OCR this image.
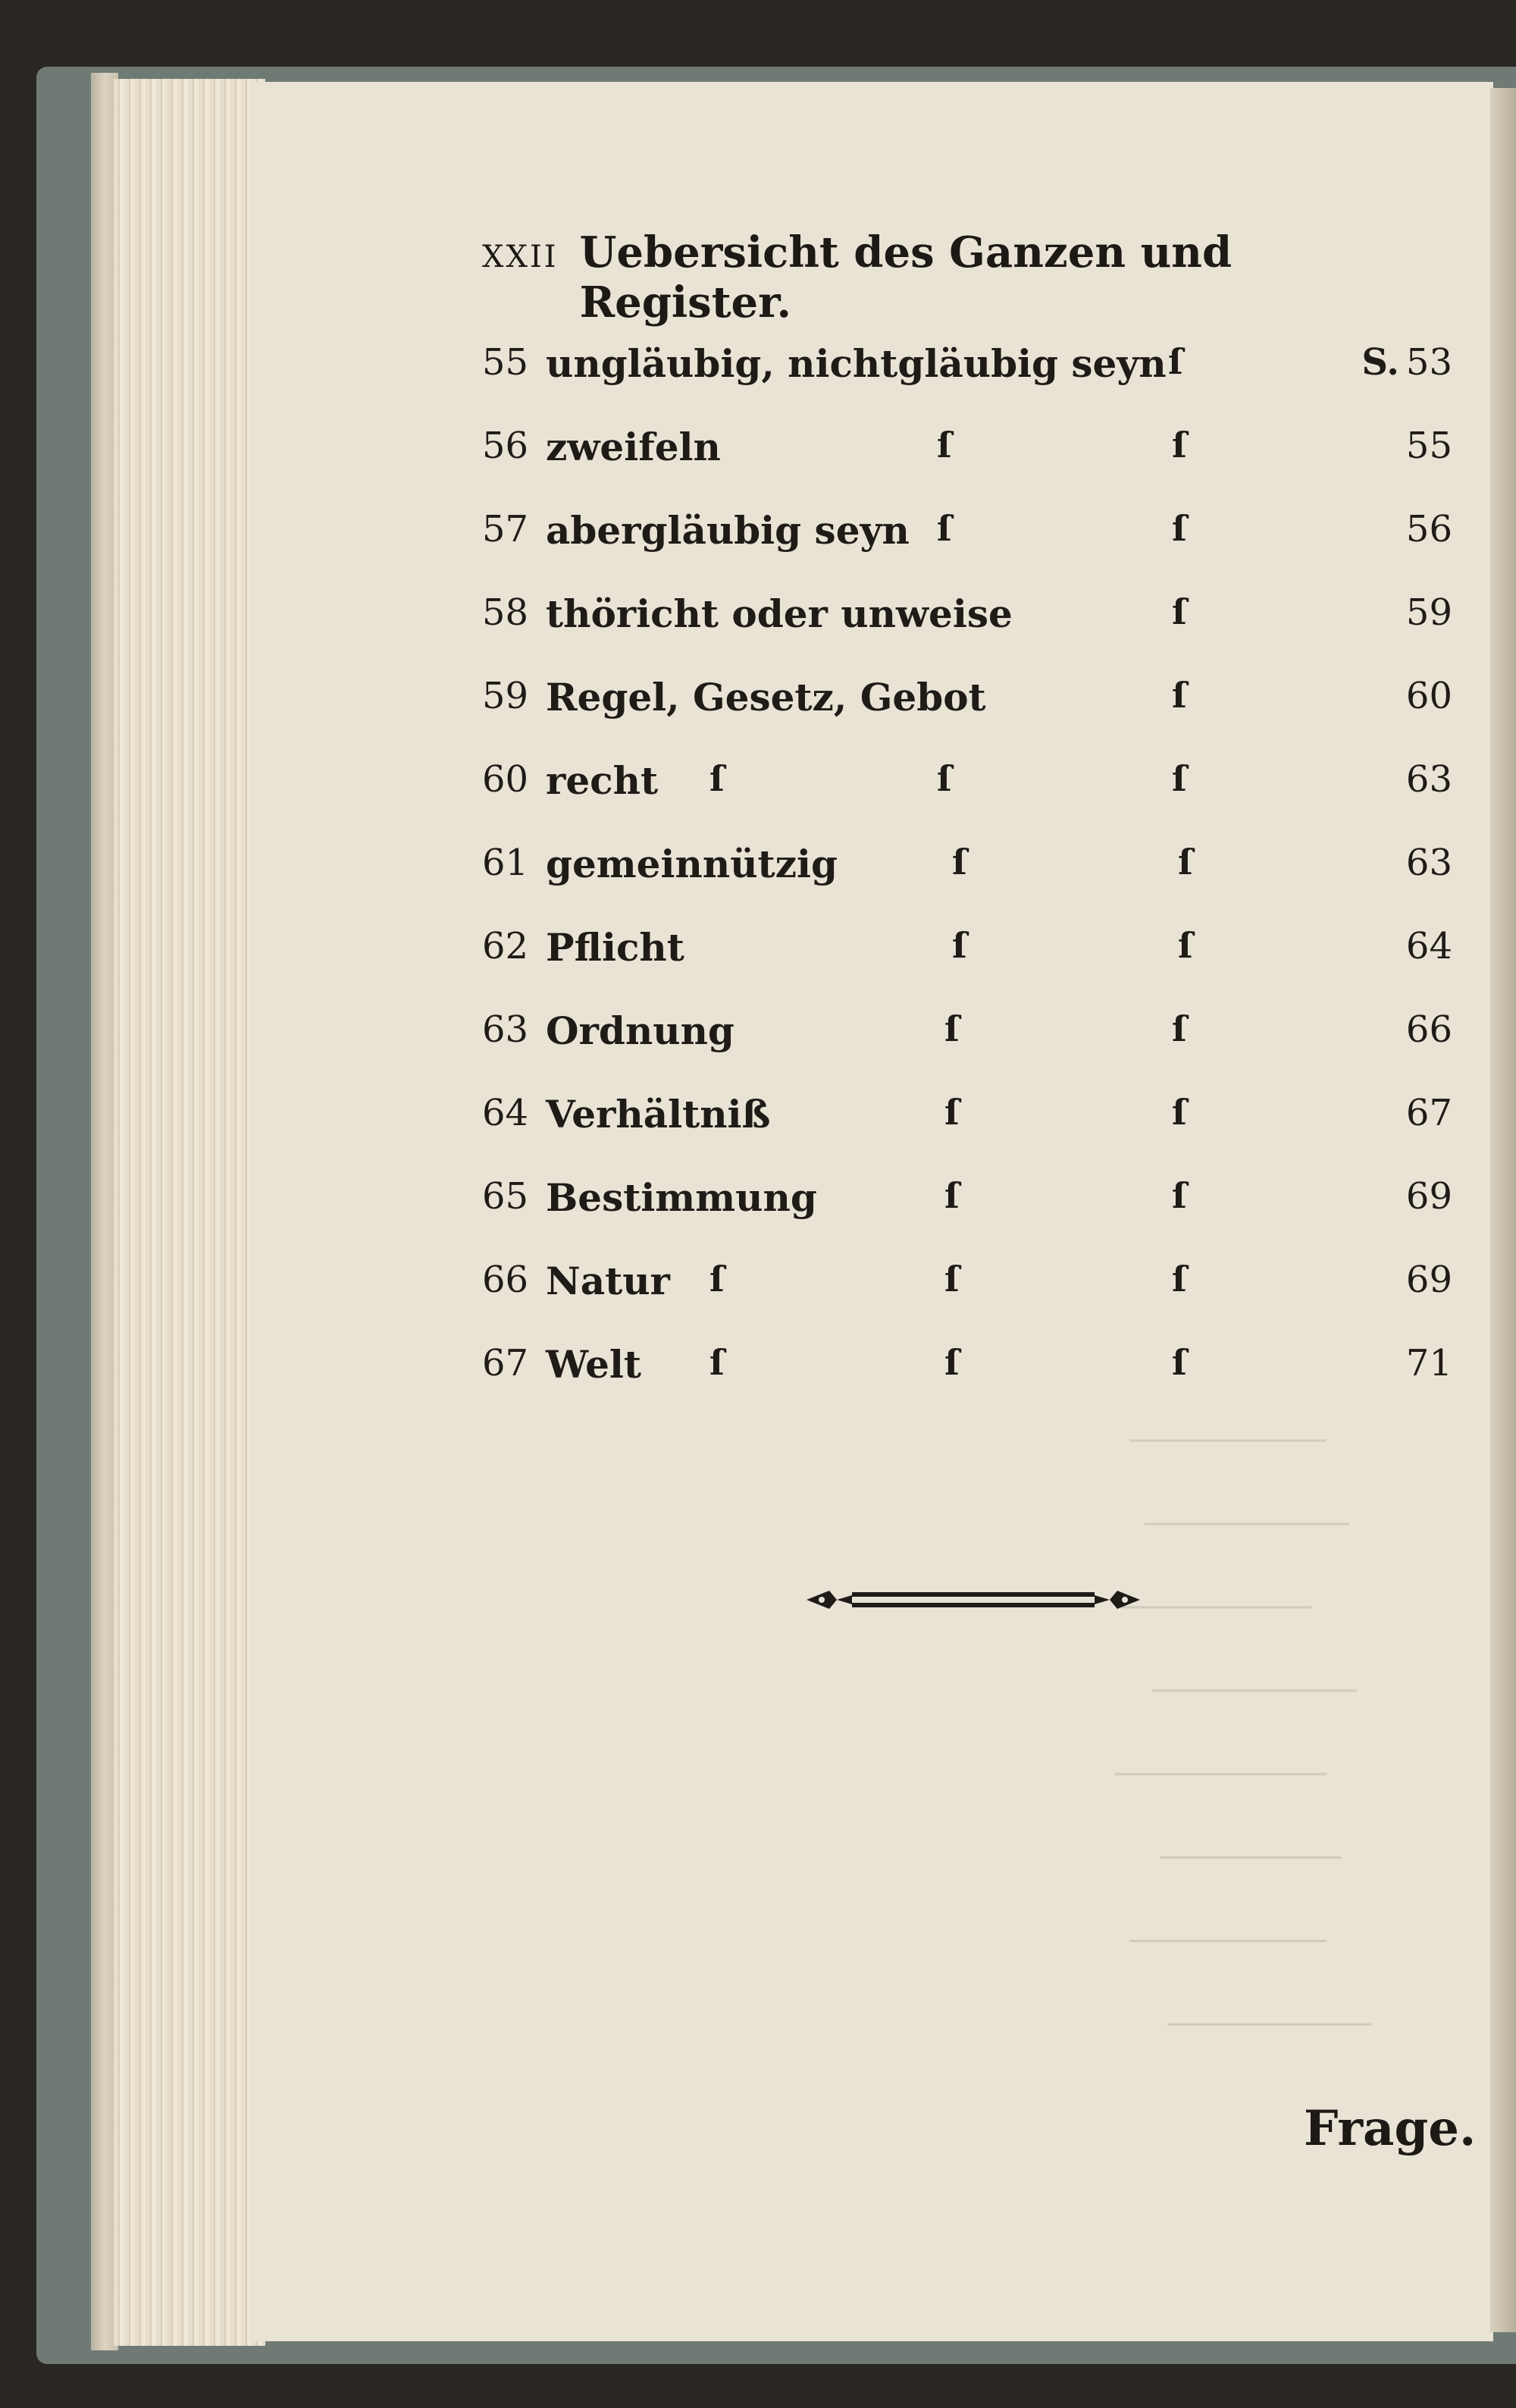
XXII Uebersicht des Ganzen und Register.
55 ungläubig, nichtgläubig seyn ſ	S. 53
56 zweifeln	ſ	ſ	55
57 abergläubig seyn ſ	ſ	56
58 thöricht oder unweise	ſ	59
59 Regel, Gesetz, Gebot	ſ	60
60 recht ſ	ſ	ſ	63
61 gemeinnützig	ſ	ſ	63
62 Pflicht	ſ	ſ	64
63 Ordnung	ſ	ſ	66
64 Verhältniß	ſ	ſ	67
65 Bestimmung	ſ	ſ	69
66 Natur ſ	ſ	ſ	69
67 Welt ſ	ſ	ſ	71
Frage.
